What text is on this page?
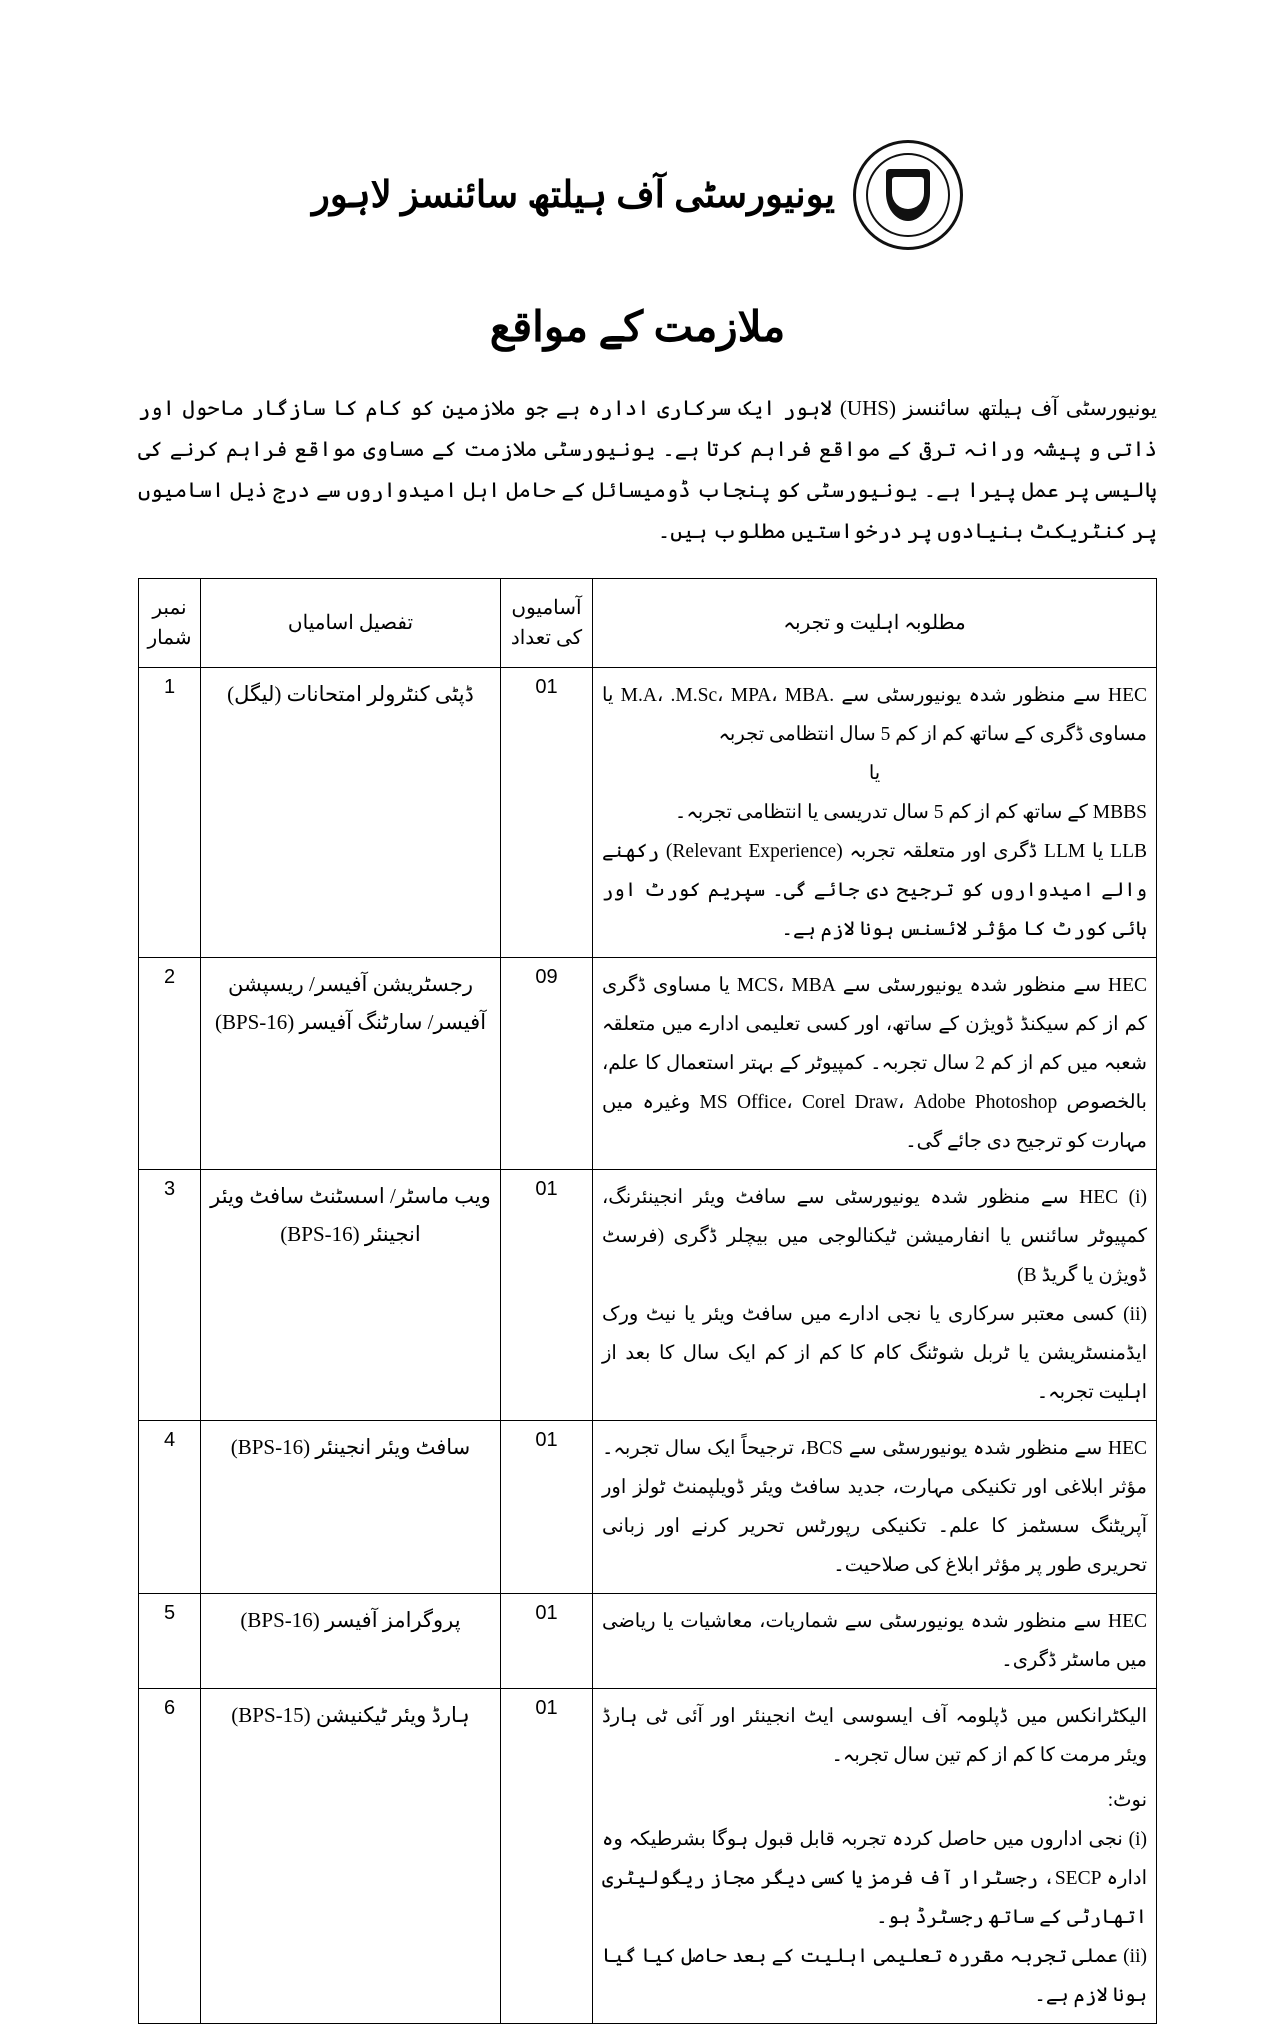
یونیورسٹی آف ہیلتھ سائنسز لاہور
ملازمت کے مواقع
یونیورسٹی آف ہیلتھ سائنسز (UHS) لاہور ایک سرکاری ادارہ ہے جو ملازمین کو کام کا سازگار ماحول اور ذاتی و پیشہ ورانہ ترقی کے مواقع فراہم کرتا ہے۔ یونیورسٹی ملازمت کے مساوی مواقع فراہم کرنے کی پالیسی پر عمل پیرا ہے۔ یونیورسٹی کو پنجاب ڈومیسائل کے حامل اہل امیدواروں سے درج ذیل اسامیوں پر کنٹریکٹ بنیادوں پر درخواستیں مطلوب ہیں۔
مطلوبہ اہلیت و تجربہ	آسامیوں کی تعداد	تفصیل اسامیاں	نمبر شمار

HEC سے منظور شدہ یونیورسٹی سے .M.A، .M.Sc، MPA، MBA یا مساوی ڈگری کے ساتھ کم از کم 5 سال انتظامی تجربہ
یا
MBBS کے ساتھ کم از کم 5 سال تدریسی یا انتظامی تجربہ۔
LLB یا LLM ڈگری اور متعلقہ تجربہ (Relevant Experience) رکھنے والے امیدواروں کو ترجیح دی جائے گی۔ سپریم کورٹ اور ہائی کورٹ کا مؤثر لائسنس ہونا لازم ہے۔	01	ڈپٹی کنٹرولر امتحانات (لیگل)	1

HEC سے منظور شدہ یونیورسٹی سے MCS، MBA یا مساوی ڈگری کم از کم سیکنڈ ڈویژن کے ساتھ، اور کسی تعلیمی ادارے میں متعلقہ شعبہ میں کم از کم 2 سال تجربہ۔ کمپیوٹر کے بہتر استعمال کا علم، بالخصوص MS Office، Corel Draw، Adobe Photoshop وغیرہ میں مہارت کو ترجیح دی جائے گی۔	09	رجسٹریشن آفیسر/ ریسپشن آفیسر/ سارٹنگ آفیسر (BPS-16)	2

(i) HEC سے منظور شدہ یونیورسٹی سے سافٹ ویئر انجینئرنگ، کمپیوٹر سائنس یا انفارمیشن ٹیکنالوجی میں بیچلر ڈگری (فرسٹ ڈویژن یا گریڈ B)
(ii) کسی معتبر سرکاری یا نجی ادارے میں سافٹ ویئر یا نیٹ ورک ایڈمنسٹریشن یا ٹربل شوٹنگ کام کا کم از کم ایک سال کا بعد از اہلیت تجربہ۔	01	ویب ماسٹر/ اسسٹنٹ سافٹ ویئر انجینئر (BPS-16)	3

HEC سے منظور شدہ یونیورسٹی سے BCS، ترجیحاً ایک سال تجربہ۔ مؤثر ابلاغی اور تکنیکی مہارت، جدید سافٹ ویئر ڈویلپمنٹ ٹولز اور آپریٹنگ سسٹمز کا علم۔ تکنیکی رپورٹس تحریر کرنے اور زبانی تحریری طور پر مؤثر ابلاغ کی صلاحیت۔	01	سافٹ ویئر انجینئر (BPS-16)	4

HEC سے منظور شدہ یونیورسٹی سے شماریات، معاشیات یا ریاضی میں ماسٹر ڈگری۔	01	پروگرامز آفیسر (BPS-16)	5

الیکٹرانکس میں ڈپلومہ آف ایسوسی ایٹ انجینئر اور آئی ٹی ہارڈ ویئر مرمت کا کم از کم تین سال تجربہ۔
نوٹ:
(i) نجی اداروں میں حاصل کردہ تجربہ قابل قبول ہوگا بشرطیکہ وہ ادارہ SECP، رجسٹرار آف فرمز یا کسی دیگر مجاز ریگولیٹری اتھارٹی کے ساتھ رجسٹرڈ ہو۔
(ii) عملی تجربہ مقررہ تعلیمی اہلیت کے بعد حاصل کیا گیا ہونا لازم ہے۔	01	ہارڈ ویئر ٹیکنیشن (BPS-15)	6
